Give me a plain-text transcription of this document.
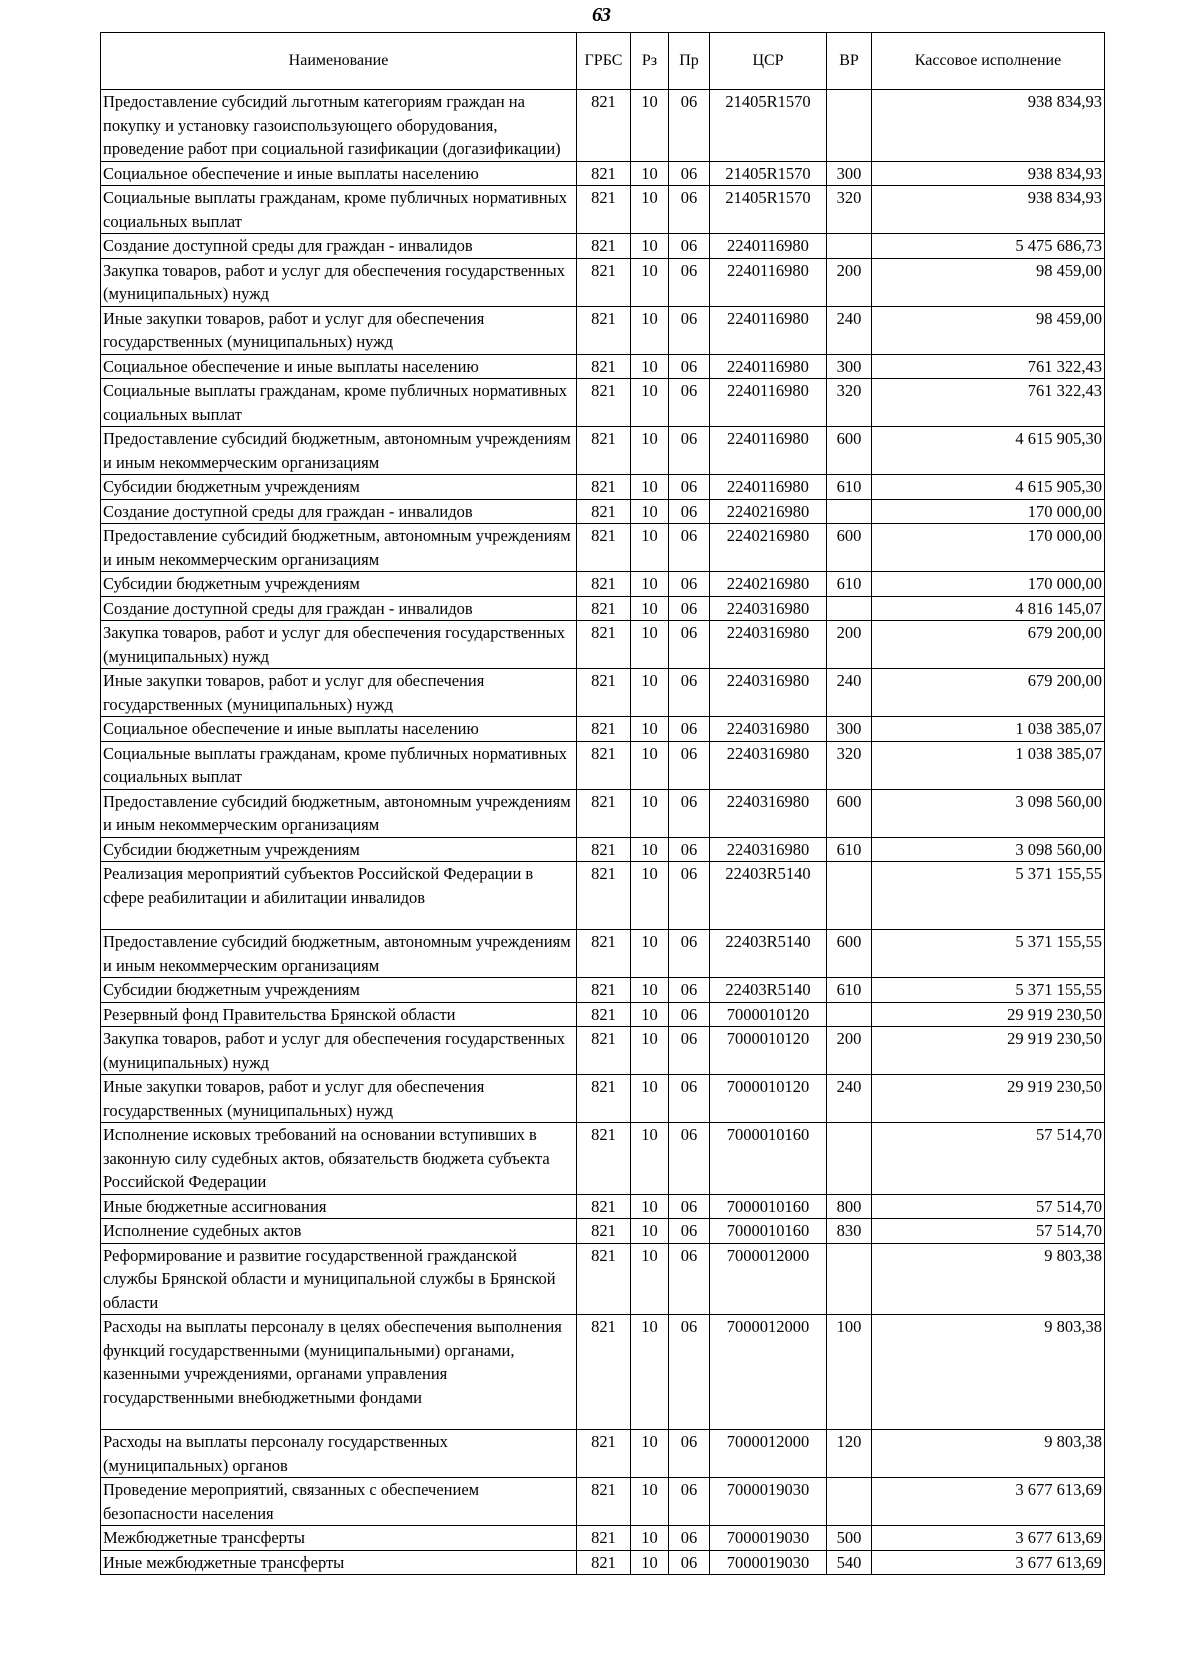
63
Наименование	ГРБС	Рз	Пр	ЦСР	ВР	Кассовое исполнение
Предоставление субсидий льготным категориям граждан на покупку и установку газоиспользующего оборудования, проведение работ при социальной газификации (догазификации)	821	10	06	21405R1570		938 834,93
Социальное обеспечение и иные выплаты населению	821	10	06	21405R1570	300	938 834,93
Социальные выплаты гражданам, кроме публичных нормативных социальных выплат	821	10	06	21405R1570	320	938 834,93
Создание доступной среды для граждан - инвалидов	821	10	06	2240116980		5 475 686,73
Закупка товаров, работ и услуг для обеспечения государственных (муниципальных) нужд	821	10	06	2240116980	200	98 459,00
Иные закупки товаров, работ и услуг для обеспечения государственных (муниципальных) нужд	821	10	06	2240116980	240	98 459,00
Социальное обеспечение и иные выплаты населению	821	10	06	2240116980	300	761 322,43
Социальные выплаты гражданам, кроме публичных нормативных социальных выплат	821	10	06	2240116980	320	761 322,43
Предоставление субсидий бюджетным, автономным учреждениям и иным некоммерческим организациям	821	10	06	2240116980	600	4 615 905,30
Субсидии бюджетным учреждениям	821	10	06	2240116980	610	4 615 905,30
Создание доступной среды для граждан - инвалидов	821	10	06	2240216980		170 000,00
Предоставление субсидий бюджетным, автономным учреждениям и иным некоммерческим организациям	821	10	06	2240216980	600	170 000,00
Субсидии бюджетным учреждениям	821	10	06	2240216980	610	170 000,00
Создание доступной среды для граждан - инвалидов	821	10	06	2240316980		4 816 145,07
Закупка товаров, работ и услуг для обеспечения государственных (муниципальных) нужд	821	10	06	2240316980	200	679 200,00
Иные закупки товаров, работ и услуг для обеспечения государственных (муниципальных) нужд	821	10	06	2240316980	240	679 200,00
Социальное обеспечение и иные выплаты населению	821	10	06	2240316980	300	1 038 385,07
Социальные выплаты гражданам, кроме публичных нормативных социальных выплат	821	10	06	2240316980	320	1 038 385,07
Предоставление субсидий бюджетным, автономным учреждениям и иным некоммерческим организациям	821	10	06	2240316980	600	3 098 560,00
Субсидии бюджетным учреждениям	821	10	06	2240316980	610	3 098 560,00
Реализация мероприятий субъектов Российской Федерации в сфере реабилитации и абилитации инвалидов	821	10	06	22403R5140		5 371 155,55
Предоставление субсидий бюджетным, автономным учреждениям и иным некоммерческим организациям	821	10	06	22403R5140	600	5 371 155,55
Субсидии бюджетным учреждениям	821	10	06	22403R5140	610	5 371 155,55
Резервный фонд Правительства Брянской области	821	10	06	7000010120		29 919 230,50
Закупка товаров, работ и услуг для обеспечения государственных (муниципальных) нужд	821	10	06	7000010120	200	29 919 230,50
Иные закупки товаров, работ и услуг для обеспечения государственных (муниципальных) нужд	821	10	06	7000010120	240	29 919 230,50
Исполнение исковых требований на основании вступивших в законную силу судебных актов, обязательств бюджета субъекта Российской Федерации	821	10	06	7000010160		57 514,70
Иные бюджетные ассигнования	821	10	06	7000010160	800	57 514,70
Исполнение судебных актов	821	10	06	7000010160	830	57 514,70
Реформирование и развитие государственной гражданской службы Брянской области и муниципальной службы в Брянской области	821	10	06	7000012000		9 803,38
Расходы на выплаты персоналу в целях обеспечения выполнения функций государственными (муниципальными) органами, казенными учреждениями, органами управления государственными внебюджетными фондами	821	10	06	7000012000	100	9 803,38
Расходы на выплаты персоналу государственных (муниципальных) органов	821	10	06	7000012000	120	9 803,38
Проведение мероприятий, связанных с обеспечением безопасности населения	821	10	06	7000019030		3 677 613,69
Межбюджетные трансферты	821	10	06	7000019030	500	3 677 613,69
Иные межбюджетные трансферты	821	10	06	7000019030	540	3 677 613,69
